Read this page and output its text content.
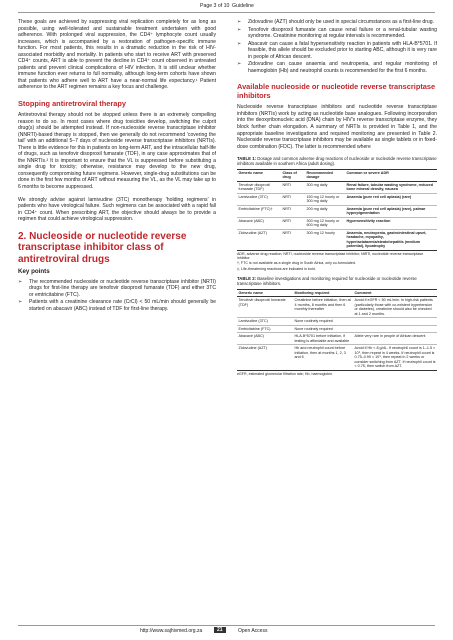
Page 3 of 10 Guideline

These goals are achieved by suppressing viral replication completely for as long as possible, using well-tolerated and sustainable treatment undertaken with good adherence. With prolonged viral suppression, the CD4⁺ lymphocyte count usually increases, which is accompanied by a restoration of pathogen-specific immune function. For most patients, this results in a dramatic reduction in the risk of HIV-associated morbidity and mortality. In patients who start to receive ART with preserved CD4⁺ counts, ART is able to prevent the decline in CD4⁺ count observed in untreated patients and prevent clinical complications of HIV infection. It is still unclear whether immune function ever returns to full normality, although long-term cohorts have shown that patients who adhere well to ART have a near-normal life expectancy.¹ Patient adherence to the ART regimen remains a key focus and challenge.

Stopping antiretroviral therapy

Antiretroviral therapy should not be stopped unless there is an extremely compelling reason to do so. In most cases where drug toxicities develop, switching the culprit drug(s) should be attempted instead. If non-nucleoside reverse transcriptase inhibitor (NNRTI)-based therapy is stopped, then we generally do not recommend 'covering the tail' with an additional 5–7 days of nucleoside reverse transcriptase inhibitors (NRTIs). There is little evidence for this in patients on long-term ART, and the intracellular half-life of drugs, such as tenofovir disoproxil fumarate (TDF), in any case approximates that of the NNRTIs.² It is important to ensure that the VL is suppressed before substituting a single drug for toxicity; otherwise, resistance may develop to the new drug, consequently compromising future regimens. However, single-drug substitutions can be done in the first few months of ART without measuring the VL, as the VL may take up to 6 months to become suppressed.

We strongly advise against lamivudine (3TC) monotherapy 'holding regimens' in patients who have virological failure. Such regimens can be associated with a rapid fall in CD4⁺ count. When prescribing ART, the objective should always be to provide a regimen that could achieve virological suppression.

2. Nucleoside or nucleotide reverse transcriptase inhibitor class of antiretroviral drugs
Key points
➢ The recommended nucleoside or nucleotide reverse transcriptase inhibitor (NRTI) drugs for first-line therapy are tenofovir disoproxil fumarate (TDF) and either 3TC or emtricitabine (FTC).
➢ Patients with a creatinine clearance rate (CrCl) < 50 mL/min should generally be started on abacavir (ABC) instead of TDF for first-line therapy.
➢ Zidovudine (AZT) should only be used in special circumstances as a first-line drug.
➢ Tenofovir disoproxil fumarate can cause renal failure or a renal-tubular wasting syndrome. Creatinine monitoring at regular intervals is recommended.
➢ Abacavir can cause a fatal hypersensitivity reaction in patients with HLA-B*5701. If feasible, this allele should be excluded prior to starting ABC, although it is very rare in people of African descent.
➢ Zidovudine can cause anaemia and neutropenia, and regular monitoring of haemoglobin (Hb) and neutrophil counts is recommended for the first 6 months.
Available nucleoside or nucleotide reverse transcriptase inhibitors

Nucleoside reverse transcriptase inhibitors and nucleotide reverse transcriptase inhibitors (NRTIs) work by acting as nucleotide base analogues. Following incorporation into the deoxyribonucleic acid (DNA) chain by HIV's reverse transcriptase enzyme, they block further chain elongation. A summary of NRTIs is provided in Table 1, and the appropriate baseline investigations and required monitoring are presented in Table 2. Nucleoside reverse transcriptase inhibitors may be available as single tablets or in fixed-dose combination (FDC). The latter is recommended where

TABLE 1: Dosage and common adverse drug reactions of nucleoside or nucleotide reverse transcriptase inhibitors available in southern Africa (adult dosing).
Generic name	Class of drug	Recommended dosage	Common or severe ADR
Tenofovir disoproxil fumarate (TDF)	NRTI	300 mg daily	Renal failure, tubular wasting syndrome, reduced bone mineral density, nausea
Lamivudine (3TC)	NRTI	150 mg 12 hourly or 300 mg daily	Anaemia (pure red cell aplasia) (rare)
Emtricitabine (FTC)†	NRTI	200 mg daily	Anaemia (pure red cell aplasia) (rare), palmar hyperpigmentation
Abacavir (ABC)	NRTI	300 mg 12 hourly or 600 mg daily	Hypersensitivity reaction
Zidovudine (AZT)	NRTI	300 mg 12 hourly	Anaemia, neutropenia, gastrointestinal upset, headache, myopathy, hyperlactataemia/steatohepatitis (medium potential), lipoatrophy
ADR, adverse drug reaction; NRTI, nucleoside reverse transcriptase inhibitor; NtRTI, nucleotide reverse transcriptase inhibitor.
†, FTC is not available as a single drug in South Africa, only co-formulated.
‡, Life-threatening reactions are indicated in bold.
TABLE 2: Baseline investigations and monitoring required for nucleoside or nucleotide reverse transcriptase inhibitors.
Generic name	Monitoring required	Comment
Tenofovir disoproxil fumarate (TDF)	Creatinine before initiation, then at 4 months, 8 months and then 6 monthly thereafter	Avoid if eGFR < 50 mL/min. In high-risk patients (particularly those with co-existent hypertension or diabetes), creatinine should also be checked at 1 and 2 months.
Lamivudine (3TC)	None routinely required	
Emtricitabine (FTC)	None routinely required	
Abacavir (ABC)	HLA-B*5701 before initiation, if testing is affordable and available	Allele very rare in people of African descent
Zidovudine (AZT)	Hb and neutrophil count before initiation, then at months 1, 2, 3 and 6	Avoid if Hb < 8 g/dL. If neutrophil count is 1–1.5 × 10⁹, then repeat in 4 weeks. If neutrophil count is 0.75–0.99 × 10⁹, then repeat in 2 weeks or consider switching from AZT. If neutrophil count is < 0.75, then switch from AZT.
eGFR, estimated glomerular filtration rate; Hb, haemoglobin.
http://www.sajhivmed.org.za	21	Open Access
